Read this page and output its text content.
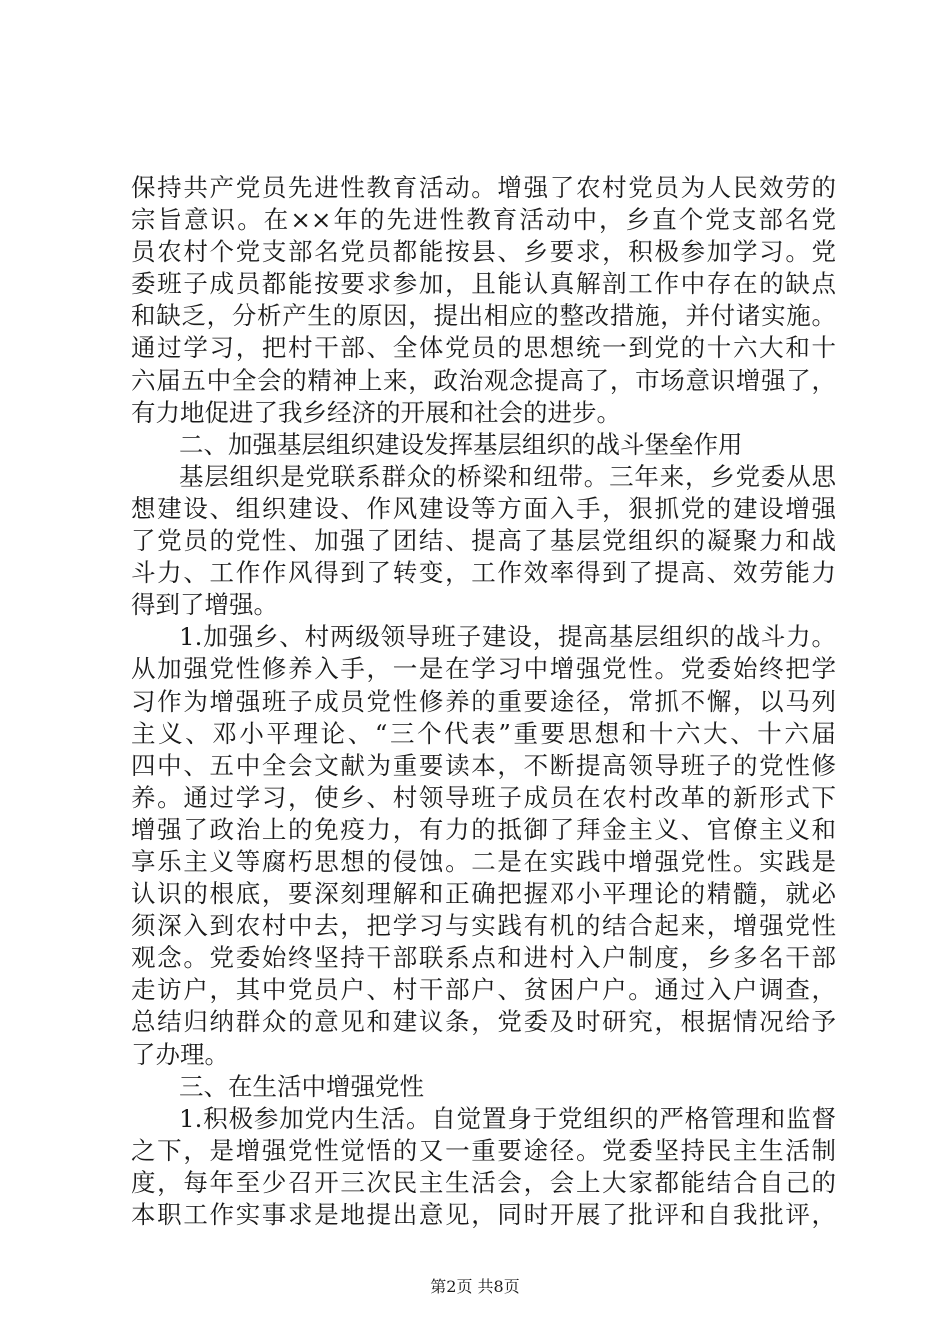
保持共产党员先进性教育活动。增强了农村党员为人民效劳的
宗旨意识。在××年的先进性教育活动中，乡直个党支部名党
员农村个党支部名党员都能按县、乡要求，积极参加学习。党
委班子成员都能按要求参加，且能认真解剖工作中存在的缺点
和缺乏，分析产生的原因，提出相应的整改措施，并付诸实施。
通过学习，把村干部、全体党员的思想统一到党的十六大和十
六届五中全会的精神上来，政治观念提高了，市场意识增强了，
有力地促进了我乡经济的开展和社会的进步。
二、加强基层组织建设发挥基层组织的战斗堡垒作用
基层组织是党联系群众的桥梁和纽带。三年来，乡党委从思
想建设、组织建设、作风建设等方面入手，狠抓党的建设增强
了党员的党性、加强了团结、提高了基层党组织的凝聚力和战
斗力、工作作风得到了转变，工作效率得到了提高、效劳能力
得到了增强。
1.加强乡、村两级领导班子建设，提高基层组织的战斗力。
从加强党性修养入手，一是在学习中增强党性。党委始终把学
习作为增强班子成员党性修养的重要途径，常抓不懈，以马列
主义、邓小平理论、“三个代表”重要思想和十六大、十六届
四中、五中全会文献为重要读本，不断提高领导班子的党性修
养。通过学习，使乡、村领导班子成员在农村改革的新形式下
增强了政治上的免疫力，有力的抵御了拜金主义、官僚主义和
享乐主义等腐朽思想的侵蚀。二是在实践中增强党性。实践是
认识的根底，要深刻理解和正确把握邓小平理论的精髓，就必
须深入到农村中去，把学习与实践有机的结合起来，增强党性
观念。党委始终坚持干部联系点和进村入户制度，乡多名干部
走访户，其中党员户、村干部户、贫困户户。通过入户调查，
总结归纳群众的意见和建议条，党委及时研究，根据情况给予
了办理。
三、在生活中增强党性
1.积极参加党内生活。自觉置身于党组织的严格管理和监督
之下，是增强党性觉悟的又一重要途径。党委坚持民主生活制
度，每年至少召开三次民主生活会，会上大家都能结合自己的
本职工作实事求是地提出意见，同时开展了批评和自我批评，
第2页 共8页
